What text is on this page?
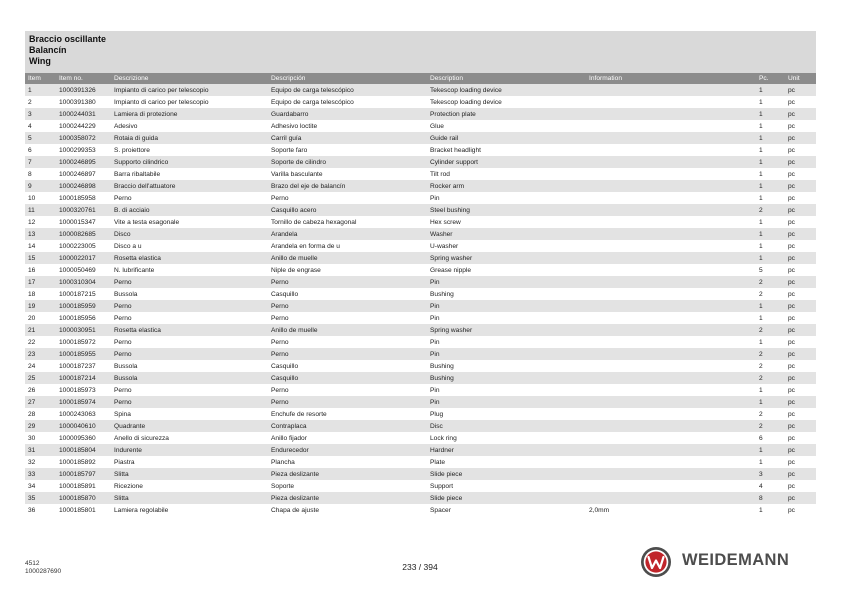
Braccio oscillante
Balancín
Wing
Item	Item no.	Descrizione	Descripción	Description	Information	Pc.	Unit
1	1000391326	Impianto di carico per telescopio	Equipo de carga telescópico	Tekescop loading device		1	pc
2	1000391380	Impianto di carico per telescopio	Equipo de carga telescópico	Tekescop loading device		1	pc
3	1000244031	Lamiera di protezione	Guardabarro	Protection plate		1	pc
4	1000244229	Adesivo	Adhesivo loctite	Glue		1	pc
5	1000358072	Rotaia di guida	Carril guía	Guide rail		1	pc
6	1000299353	S. proiettore	Soporte faro	Bracket headlight		1	pc
7	1000246895	Supporto cilindrico	Soporte de cilindro	Cylinder support		1	pc
8	1000246897	Barra ribaltabile	Varilla basculante	Tilt rod		1	pc
9	1000246898	Braccio dell'attuatore	Brazo del eje de balancín	Rocker arm		1	pc
10	1000185958	Perno	Perno	Pin		1	pc
11	1000320761	B. di acciaio	Casquillo acero	Steel bushing		2	pc
12	1000015347	Vite a testa esagonale	Tornillo de cabeza hexagonal	Hex screw		1	pc
13	1000082685	Disco	Arandela	Washer		1	pc
14	1000223005	Disco a u	Arandela en forma de u	U-washer		1	pc
15	1000022017	Rosetta elastica	Anillo de muelle	Spring washer		1	pc
16	1000050469	N. lubrificante	Niple de engrase	Grease nipple		5	pc
17	1000310304	Perno	Perno	Pin		2	pc
18	1000187215	Bussola	Casquillo	Bushing		2	pc
19	1000185959	Perno	Perno	Pin		1	pc
20	1000185956	Perno	Perno	Pin		1	pc
21	1000030951	Rosetta elastica	Anillo de muelle	Spring washer		2	pc
22	1000185972	Perno	Perno	Pin		1	pc
23	1000185955	Perno	Perno	Pin		2	pc
24	1000187237	Bussola	Casquillo	Bushing		2	pc
25	1000187214	Bussola	Casquillo	Bushing		2	pc
26	1000185973	Perno	Perno	Pin		1	pc
27	1000185974	Perno	Perno	Pin		1	pc
28	1000243063	Spina	Enchufe de resorte	Plug		2	pc
29	1000040610	Quadrante	Contraplaca	Disc		2	pc
30	1000095360	Anello di sicurezza	Anillo fijador	Lock ring		6	pc
31	1000185804	Indurente	Endurecedor	Hardner		1	pc
32	1000185892	Piastra	Plancha	Plate		1	pc
33	1000185797	Slitta	Pieza deslizante	Slide piece		3	pc
34	1000185891	Ricezione	Soporte	Support		4	pc
35	1000185870	Slitta	Pieza deslizante	Slide piece		8	pc
36	1000185801	Lamiera regolabile	Chapa de ajuste	Spacer	2,0mm	1	pc
4512
1000287690	233 / 394	WEIDEMANN
